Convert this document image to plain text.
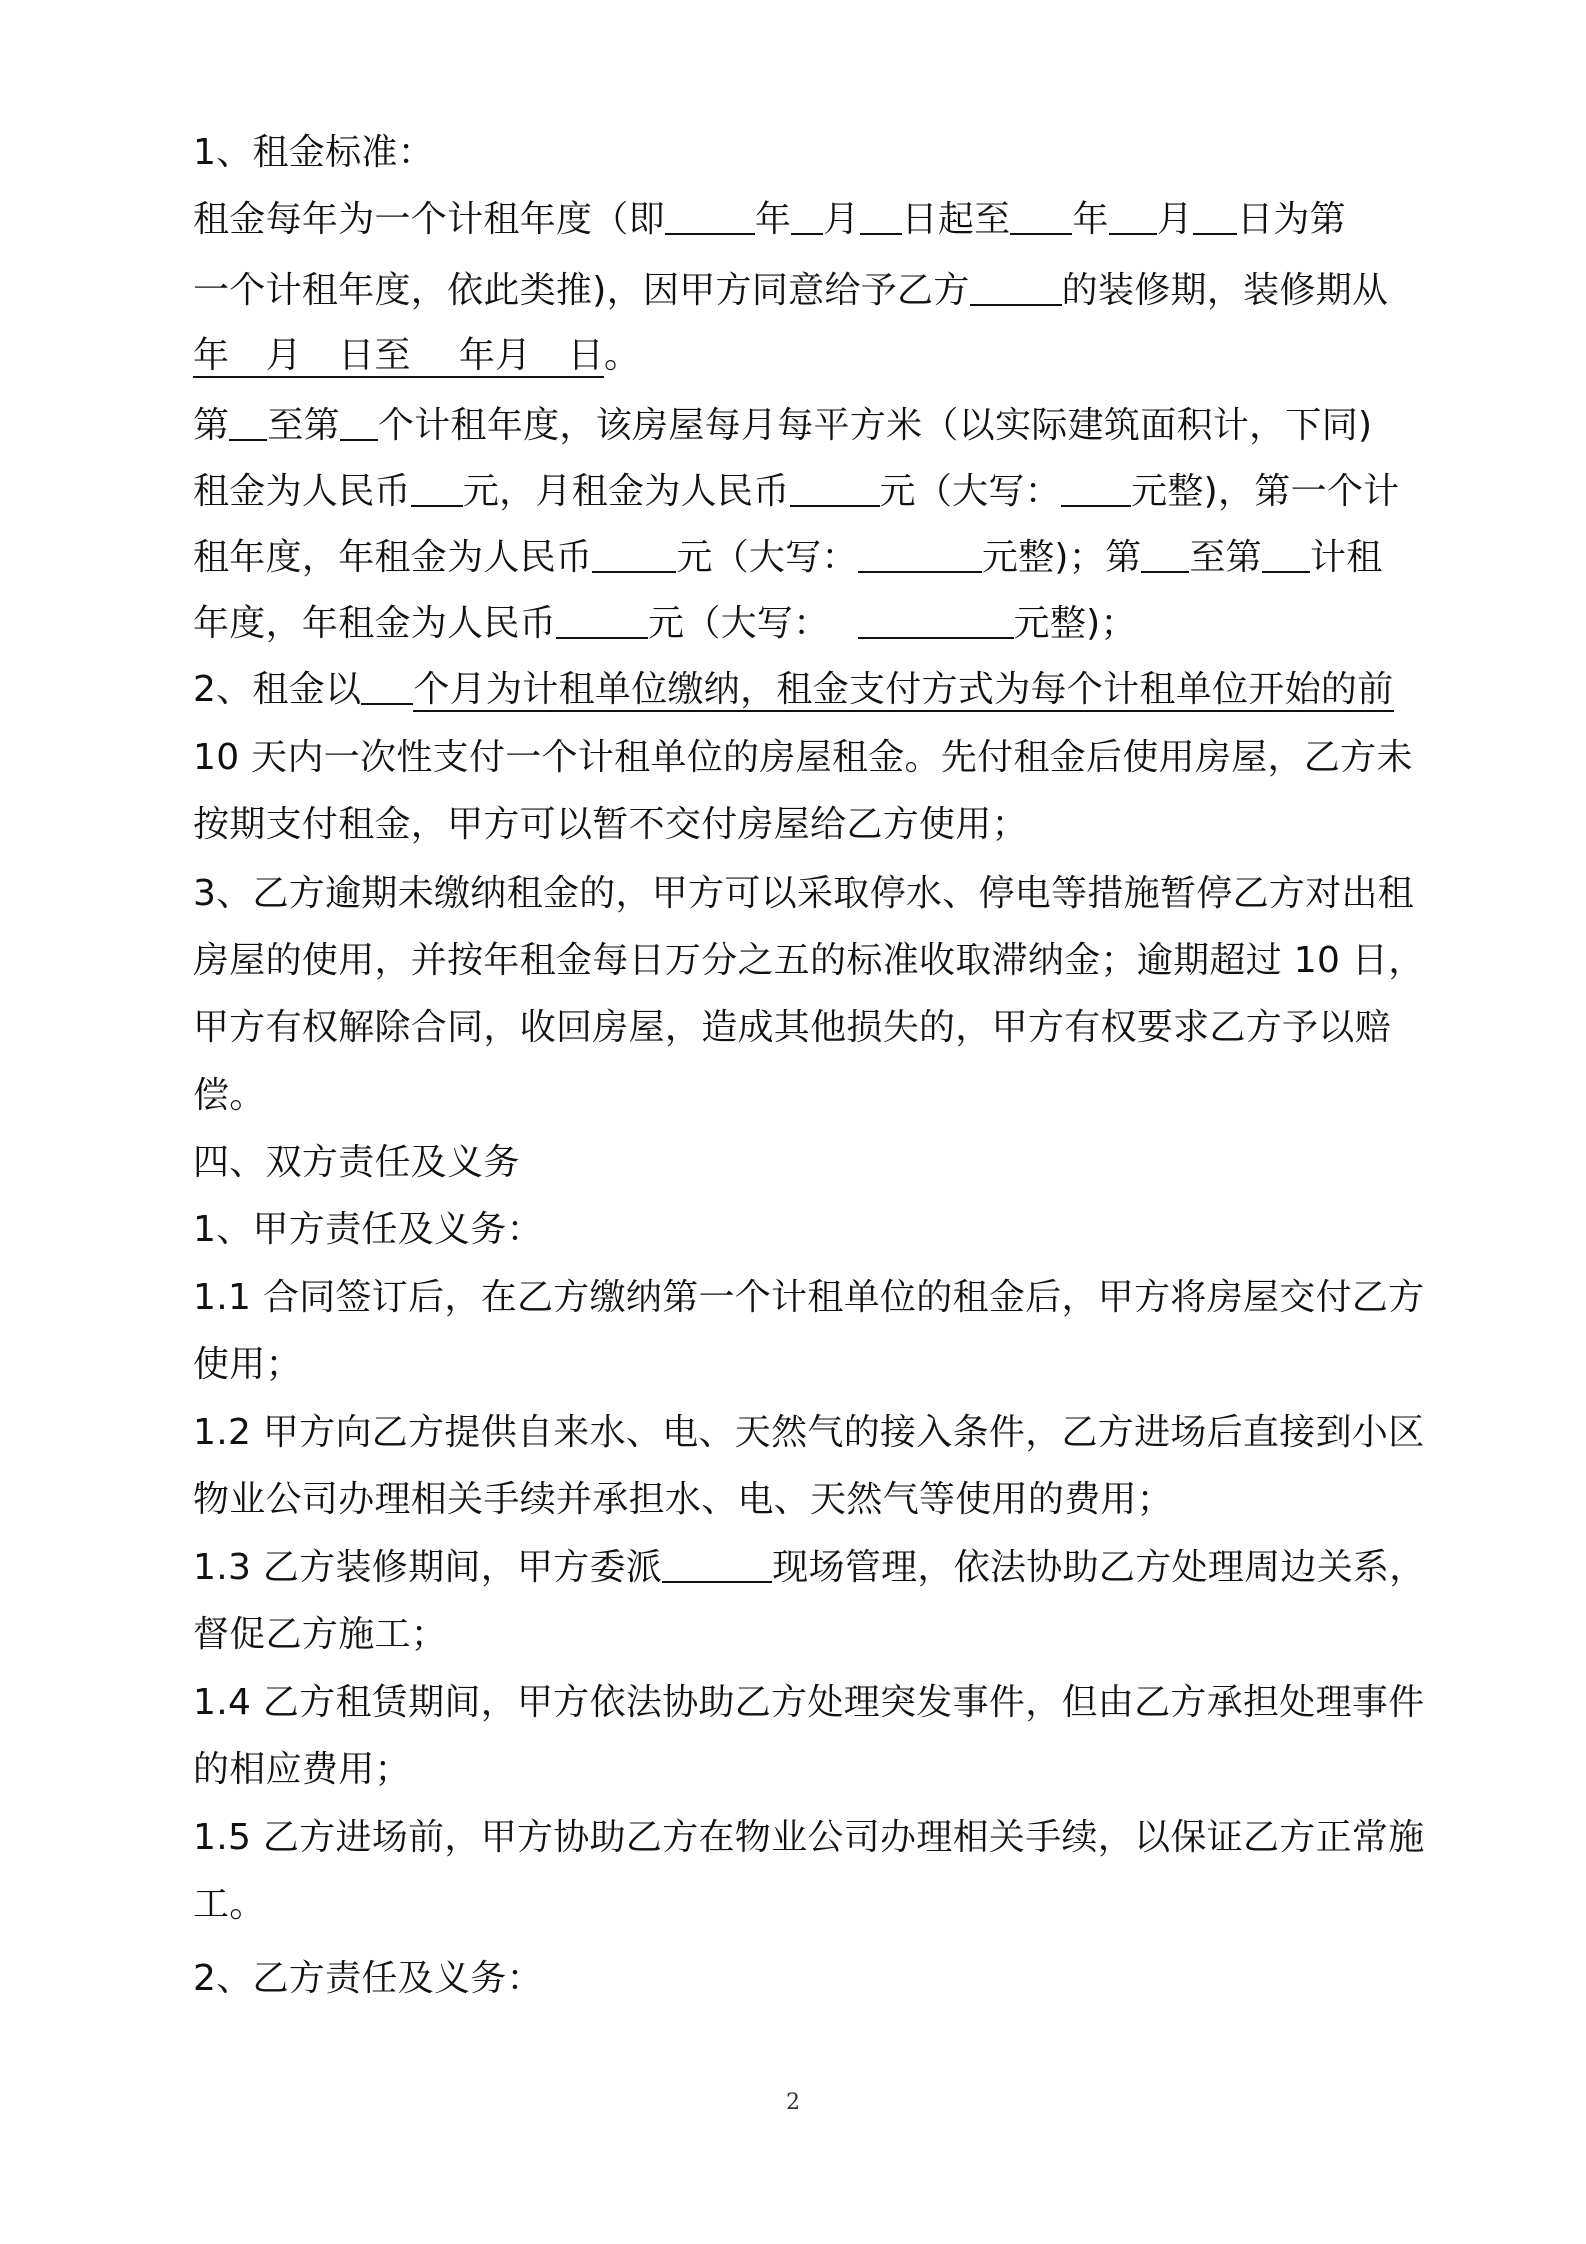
1、租金标准：
租金每年为一个计租年度（即	年 月 日起至 年 月 日为第
一个计租年度，依此类推)，因甲方同意给予乙方	的装修期，装修期从
年　月　日至　 年月　日。
第 至第 个计租年度，该房屋每月每平方米（以实际建筑面积计，下同)
租金为人民币 元，月租金为人民币	元（大写： 元整)，第一个计
租年度，年租金为人民币 元（大写：	元整)；第 至第 计租
年度，年租金为人民币	元（大写：	元整)；
2、租金以 个月为计租单位缴纳，租金支付方式为每个计租单位开始的前
10 天内一次性支付一个计租单位的房屋租金。先付租金后使用房屋，乙方未
按期支付租金，甲方可以暂不交付房屋给乙方使用；
3、乙方逾期未缴纳租金的，甲方可以采取停水、停电等措施暂停乙方对出租
房屋的使用，并按年租金每日万分之五的标准收取滞纳金；逾期超过 10 日，
甲方有权解除合同，收回房屋，造成其他损失的，甲方有权要求乙方予以赔
偿。
四、双方责任及义务
1、甲方责任及义务：
1.1 合同签订后，在乙方缴纳第一个计租单位的租金后，甲方将房屋交付乙方
使用；
1.2 甲方向乙方提供自来水、电、天然气的接入条件，乙方进场后直接到小区
物业公司办理相关手续并承担水、电、天然气等使用的费用；
1.3 乙方装修期间，甲方委派	现场管理，依法协助乙方处理周边关系，
督促乙方施工；
1.4 乙方租赁期间，甲方依法协助乙方处理突发事件，但由乙方承担处理事件
的相应费用；
1.5 乙方进场前，甲方协助乙方在物业公司办理相关手续，以保证乙方正常施
工。
2、乙方责任及义务：
2
